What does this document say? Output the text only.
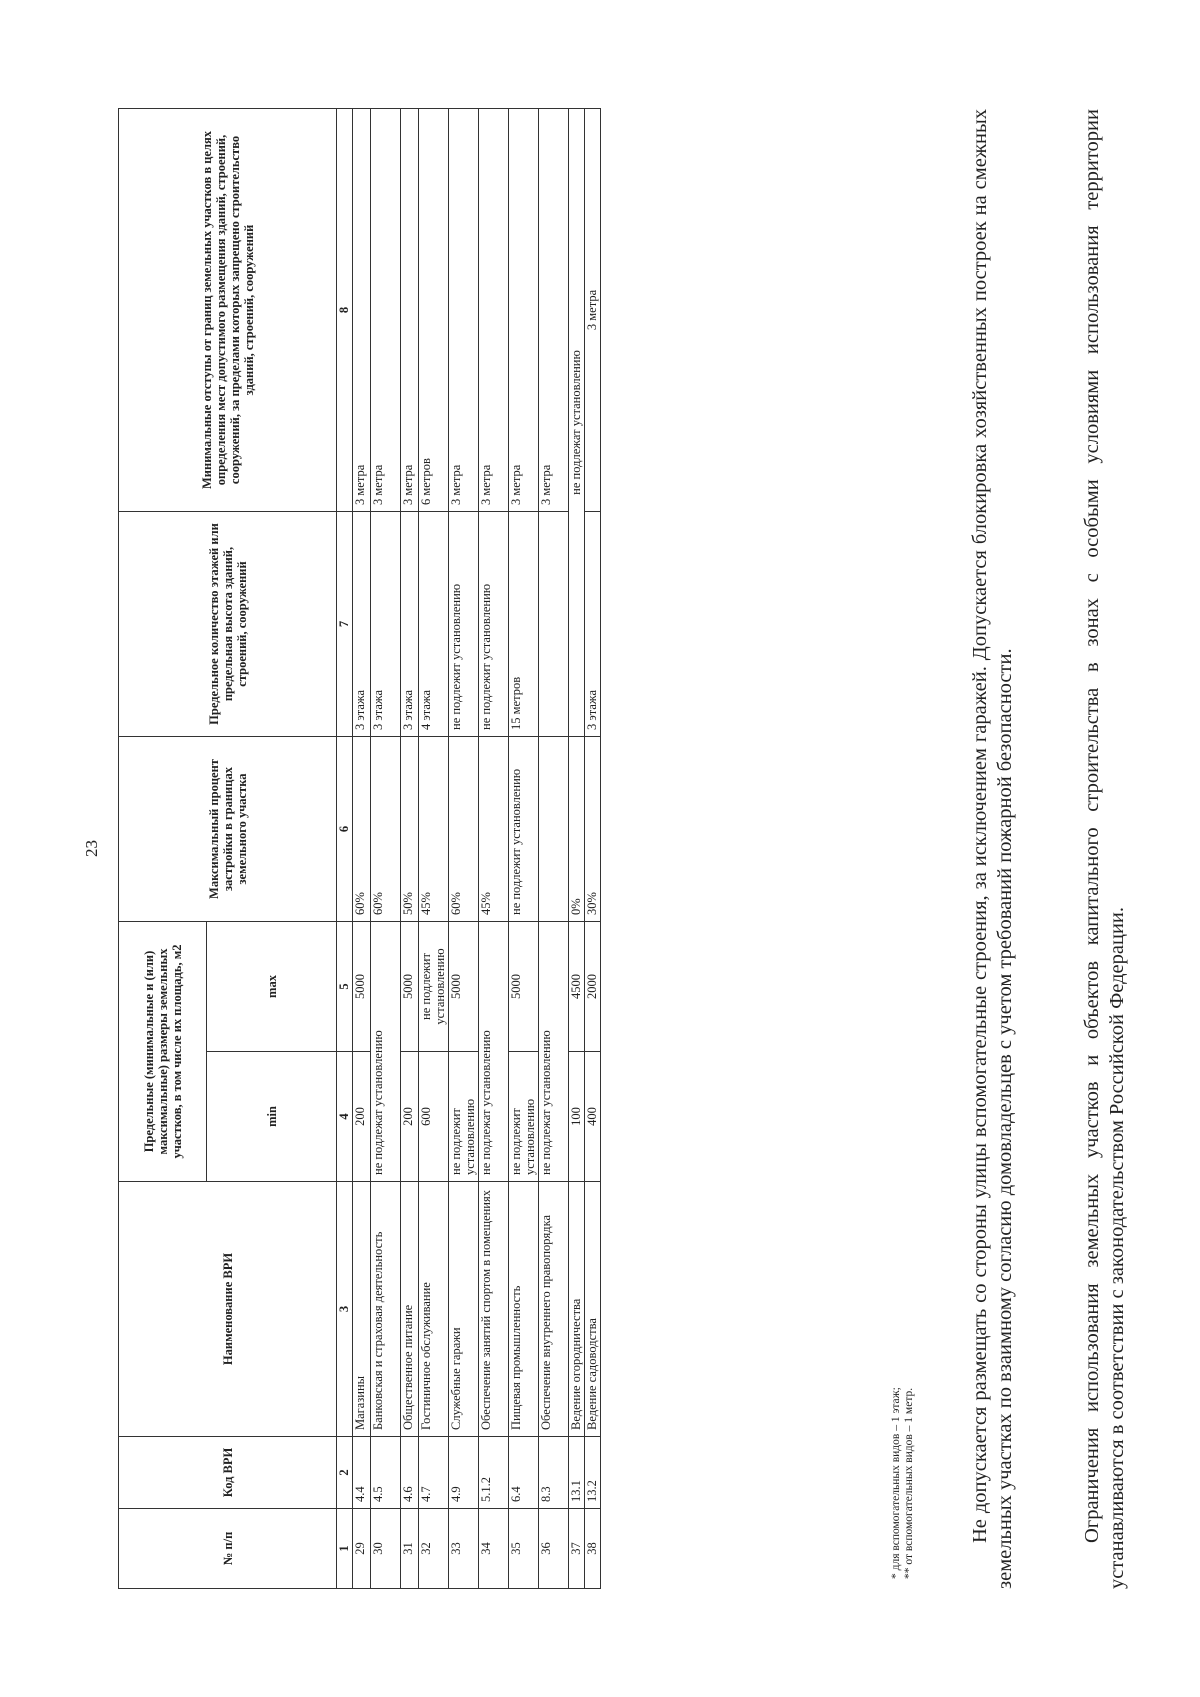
23
№ п/п	Код ВРИ	Наименование ВРИ	Предельные (минимальные и (или) максимальные) размеры земельных участков, в том числе их площадь, м2		Максимальный процент застройки в границах земельного участка	Предельное количество этажей или предельная высота зданий, строений, сооружений	Минимальные отступы от границ земельных участков в целях определения мест допустимого размещения зданий, строений, сооружений, за пределами которых запрещено строительство зданий, строений, сооружений
			min	max			
1	2	3	4	5	6	7	8
29	4.4	Магазины	200	5000	60%	3 этажа	3 метра
30	4.5	Банковская и страховая деятельность	не подлежат установлению		60%	3 этажа	3 метра
31	4.6	Общественное питание	200	5000	50%	3 этажа	3 метра
32	4.7	Гостиничное обслуживание	600	не подлежит установлению	45%	4 этажа	6 метров
33	4.9	Служебные гаражи	не подлежит установлению	5000	60%	не подлежит установлению	3 метра
34	5.1.2	Обеспечение занятий спортом в помещениях	не подлежат установлению		45%	не подлежит установлению	3 метра
35	6.4	Пищевая промышленность	не подлежит установлению	5000	не подлежит установлению	15 метров	3 метра
36	8.3	Обеспечение внутреннего правопорядка	не подлежат установлению				3 метра
37	13.1	Ведение огородничества	100	4500	0%	не подлежат установлению	
38	13.2	Ведение садоводства	400	2000	30%	3 этажа	3 метра
* для вспомогательных видов – 1 этаж; ** от вспомогательных видов – 1 метр.	Не допускается размещать со стороны улицы вспомогательные строения, за исключением гаражей. Допускается блокировка хозяйственных построек на смежных земельных участках по взаимному согласию домовладельцев с учетом требований пожарной безопасности.	Ограничения использования земельных участков и объектов капитального строительства в зонах с особыми условиями использования территории устанавливаются в соответствии с законодательством Российской Федерации.
